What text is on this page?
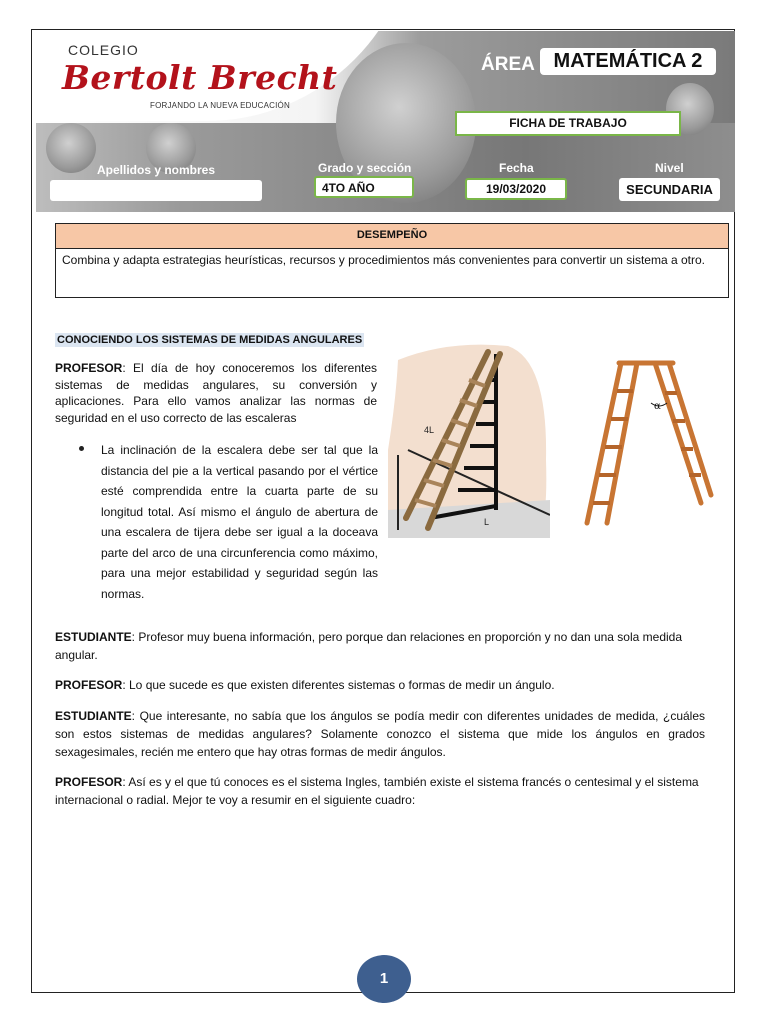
COLEGIO
Bertolt Brecht
FORJANDO LA NUEVA EDUCACIÓN
ÁREA MATEMÁTICA 2
FICHA DE TRABAJO
Apellidos y nombres	Grado y sección
4TO AÑO
Fecha
19/03/2020
Nivel
SECUNDARIA
DESEMPEÑO
Combina y adapta estrategias heurísticas, recursos y procedimientos más convenientes para convertir un sistema a otro.
CONOCIENDO LOS SISTEMAS DE MEDIDAS ANGULARES
PROFESOR: El día de hoy conoceremos los diferentes sistemas de medidas angulares, su conversión y aplicaciones. Para ello vamos analizar las normas de seguridad en el uso correcto de las escaleras
La inclinación de la escalera debe ser tal que la distancia del pie a la vertical pasando por el vértice esté comprendida entre la cuarta parte de su longitud total. Así mismo el ángulo de abertura de una escalera de tijera debe ser igual a la doceava parte del arco de una circunferencia como máximo, para una mejor estabilidad y seguridad según las normas.
4L
L
α
ESTUDIANTE: Profesor muy buena información, pero porque dan relaciones en proporción y no dan una sola medida angular.
PROFESOR: Lo que sucede es que existen diferentes sistemas o formas de medir un ángulo.
ESTUDIANTE: Que interesante, no sabía que los ángulos se podía medir con diferentes unidades de medida, ¿cuáles son estos sistemas de medidas angulares? Solamente conozco el sistema que mide los ángulos en grados sexagesimales, recién me entero que hay otras formas de medir ángulos.
PROFESOR: Así es y el que tú conoces es el sistema Ingles, también existe el sistema francés o centesimal y el sistema internacional o radial. Mejor te voy a resumir en el siguiente cuadro:
1
